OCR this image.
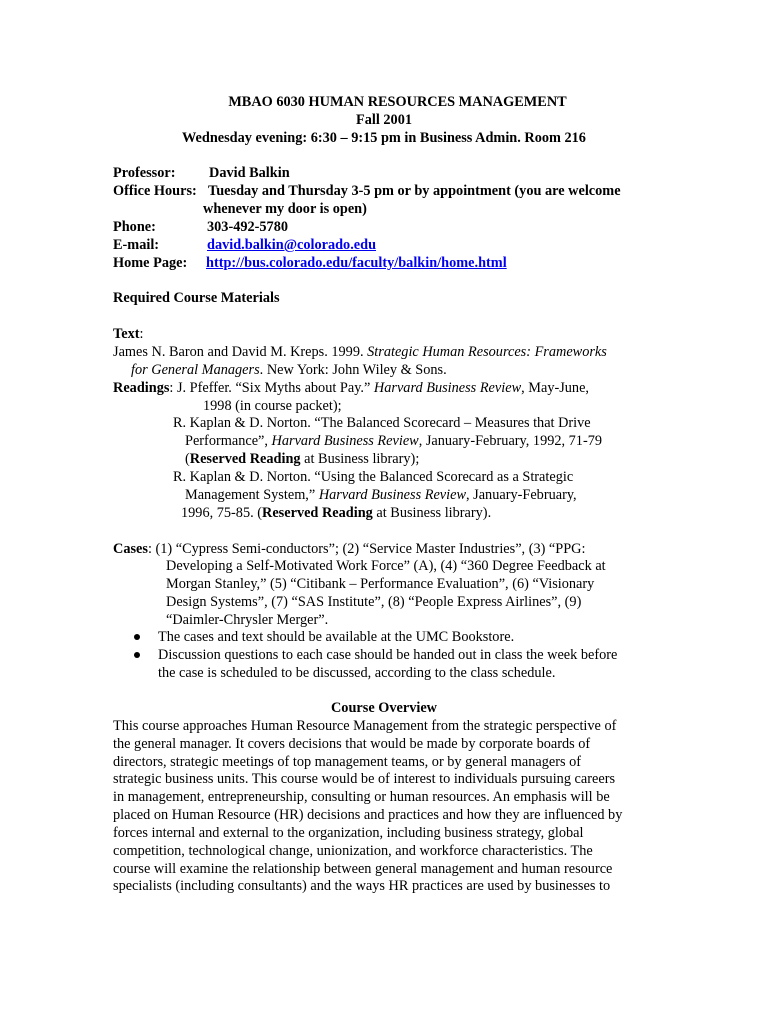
MBAO 6030 HUMAN RESOURCES MANAGEMENT
Fall 2001
Wednesday evening: 6:30 – 9:15 pm in Business Admin. Room 216
Professor: David Balkin
Office Hours: Tuesday and Thursday 3-5 pm or by appointment (you are welcome
whenever my door is open)
Phone:	303-492-5780
E-mail:	david.balkin@colorado.edu
Home Page: http://bus.colorado.edu/faculty/balkin/home.html
Required Course Materials
Text:
James N. Baron and David M. Kreps. 1999. Strategic Human Resources: Frameworks
for General Managers. New York: John Wiley & Sons.
Readings: J. Pfeffer. “Six Myths about Pay.” Harvard Business Review, May-June,
1998 (in course packet);
R. Kaplan & D. Norton. “The Balanced Scorecard – Measures that Drive
Performance”, Harvard Business Review, January-February, 1992, 71-79
(Reserved Reading at Business library);
R. Kaplan & D. Norton. “Using the Balanced Scorecard as a Strategic
Management System,” Harvard Business Review, January-February,
1996, 75-85. (Reserved Reading at Business library).
Cases: (1) “Cypress Semi-conductors”; (2) “Service Master Industries”, (3) “PPG:
Developing a Self-Motivated Work Force” (A), (4) “360 Degree Feedback at
Morgan Stanley,” (5) “Citibank – Performance Evaluation”, (6) “Visionary
Design Systems”, (7) “SAS Institute”, (8) “People Express Airlines”, (9)
“Daimler-Chrysler Merger”.
The cases and text should be available at the UMC Bookstore.
Discussion questions to each case should be handed out in class the week before
the case is scheduled to be discussed, according to the class schedule.
Course Overview
This course approaches Human Resource Management from the strategic perspective of
the general manager. It covers decisions that would be made by corporate boards of
directors, strategic meetings of top management teams, or by general managers of
strategic business units. This course would be of interest to individuals pursuing careers
in management, entrepreneurship, consulting or human resources. An emphasis will be
placed on Human Resource (HR) decisions and practices and how they are influenced by
forces internal and external to the organization, including business strategy, global
competition, technological change, unionization, and workforce characteristics. The
course will examine the relationship between general management and human resource
specialists (including consultants) and the ways HR practices are used by businesses to
